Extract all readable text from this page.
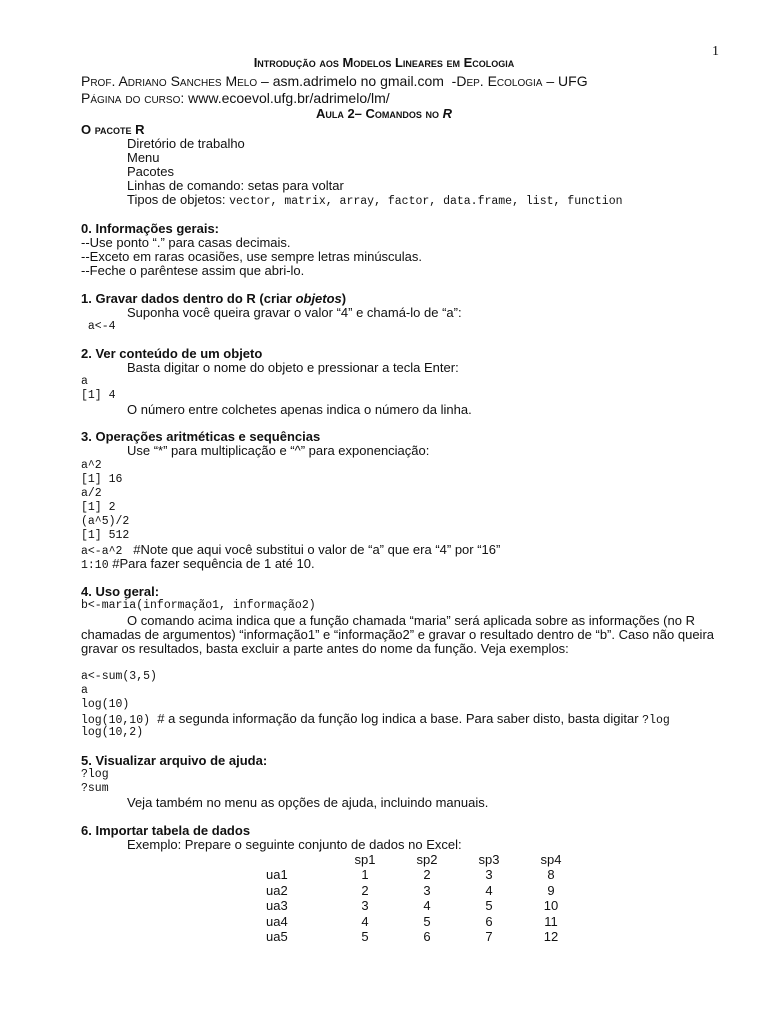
1
Introdução aos Modelos Lineares em Ecologia
Prof. Adriano Sanches Melo – asm.adrimelo no gmail.com  -Dep. Ecologia – UFG
Página do curso: www.ecoevol.ufg.br/adrimelo/lm/
Aula 2– Comandos no R
O pacote R
Diretório de trabalho
Menu
Pacotes
Linhas de comando: setas para voltar
Tipos de objetos: vector, matrix, array, factor, data.frame, list, function
0. Informações gerais:
--Use ponto “.” para casas decimais.
--Exceto em raras ocasiões, use sempre letras minúsculas.
--Feche o parêntese assim que abri-lo.
1. Gravar dados dentro do R (criar objetos)
Suponha você queira gravar o valor “4” e chamá-lo de “a”:
a<-4
2. Ver conteúdo de um objeto
Basta digitar o nome do objeto e pressionar a tecla Enter:
a
[1] 4
O número entre colchetes apenas indica o número da linha.
3. Operações aritméticas e sequências
Use “*” para multiplicação e “^” para exponenciação:
a^2
[1] 16
a/2
[1] 2
(a^5)/2
[1] 512
a<-a^2   #Note que aqui você substitui o valor de “a” que era “4” por “16”
1:10 #Para fazer sequência de 1 até 10.
4. Uso geral:
b<-maria(informação1, informação2)
O comando acima indica que a função chamada “maria” será aplicada sobre as informações (no R
chamadas de argumentos) “informação1” e “informação2” e gravar o resultado dentro de “b”. Caso não queira
gravar os resultados, basta excluir a parte antes do nome da função. Veja exemplos:
a<-sum(3,5)
a
log(10)
log(10,10)  # a segunda informação da função log indica a base. Para saber disto, basta digitar ?log
log(10,2)
5. Visualizar arquivo de ajuda:
?log
?sum
Veja também no menu as opções de ajuda, incluindo manuais.
6. Importar tabela de dados
Exemplo: Prepare o seguinte conjunto de dados no Excel:
	sp1	sp2	sp3	sp4
ua1	1	2	3	8
ua2	2	3	4	9
ua3	3	4	5	10
ua4	4	5	6	11
ua5	5	6	7	12
